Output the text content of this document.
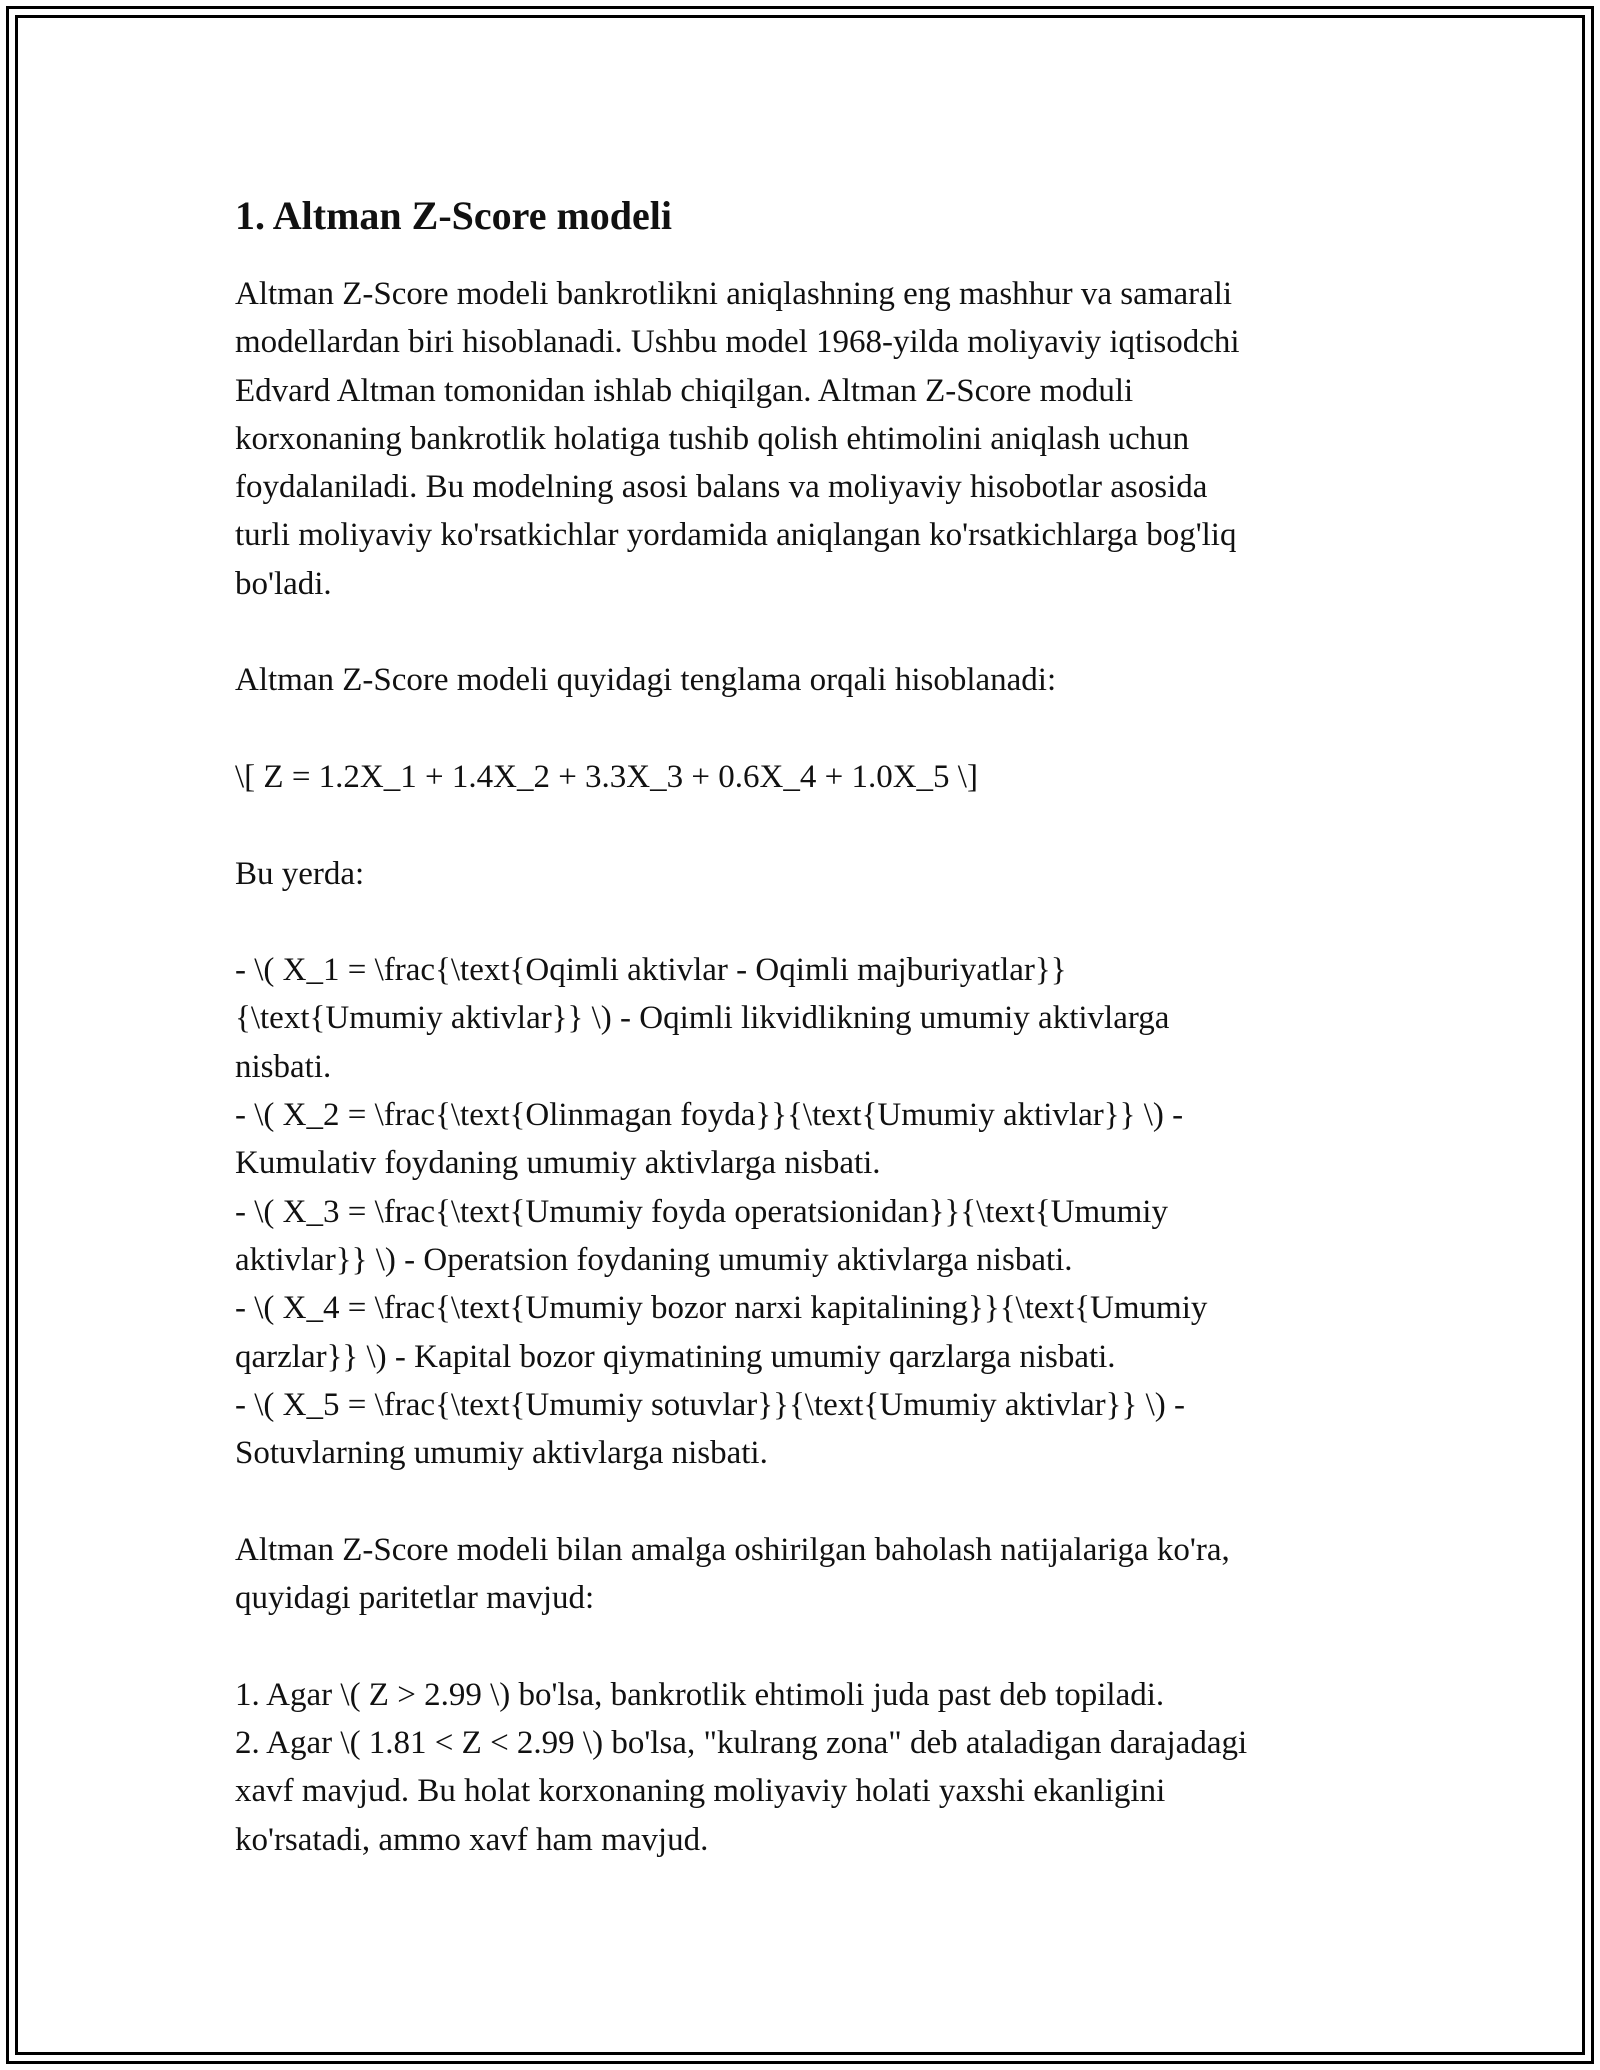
1. Altman Z-Score modeli

Altman Z-Score modeli bankrotlikni aniqlashning eng mashhur va samarali
modellardan biri hisoblanadi. Ushbu model 1968-yilda moliyaviy iqtisodchi
Edvard Altman tomonidan ishlab chiqilgan. Altman Z-Score moduli
korxonaning bankrotlik holatiga tushib qolish ehtimolini aniqlash uchun
foydalaniladi. Bu modelning asosi balans va moliyaviy hisobotlar asosida
turli moliyaviy ko'rsatkichlar yordamida aniqlangan ko'rsatkichlarga bog'liq
bo'ladi.

Altman Z-Score modeli quyidagi tenglama orqali hisoblanadi:

\[ Z = 1.2X_1 + 1.4X_2 + 3.3X_3 + 0.6X_4 + 1.0X_5 \]

Bu yerda:

- \( X_1 = \frac{\text{Oqimli aktivlar - Oqimli majburiyatlar}}
{\text{Umumiy aktivlar}} \) - Oqimli likvidlikning umumiy aktivlarga
nisbati.
- \( X_2 = \frac{\text{Olinmagan foyda}}{\text{Umumiy aktivlar}} \) -
Kumulativ foydaning umumiy aktivlarga nisbati.
- \( X_3 = \frac{\text{Umumiy foyda operatsionidan}}{\text{Umumiy
aktivlar}} \) - Operatsion foydaning umumiy aktivlarga nisbati.
- \( X_4 = \frac{\text{Umumiy bozor narxi kapitalining}}{\text{Umumiy
qarzlar}} \) - Kapital bozor qiymatining umumiy qarzlarga nisbati.
- \( X_5 = \frac{\text{Umumiy sotuvlar}}{\text{Umumiy aktivlar}} \) -
Sotuvlarning umumiy aktivlarga nisbati.

Altman Z-Score modeli bilan amalga oshirilgan baholash natijalariga ko'ra,
quyidagi paritetlar mavjud:

1. Agar \( Z > 2.99 \) bo'lsa, bankrotlik ehtimoli juda past deb topiladi.
2. Agar \( 1.81 < Z < 2.99 \) bo'lsa, "kulrang zona" deb ataladigan darajadagi
xavf mavjud. Bu holat korxonaning moliyaviy holati yaxshi ekanligini
ko'rsatadi, ammo xavf ham mavjud.
